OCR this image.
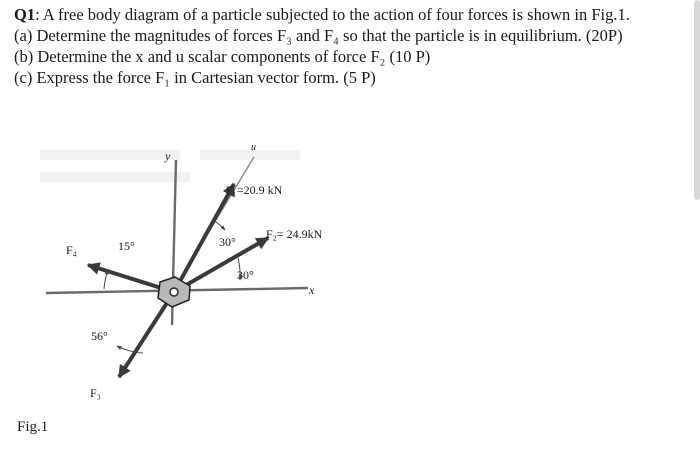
Q1: A free body diagram of a particle subjected to the action of four forces is shown in Fig.1.
(a) Determine the magnitudes of forces F₃ and F₄ so that the particle is in equilibrium. (20P)
(b) Determine the x and u scalar components of force F₂ (10 P)
(c) Express the force F₁ in Cartesian vector form. (5 P)
y
u
x
F₁=20.9 kN
F₂= 24.9kN
F₃
F₄	15°	30°
30°
56°
Fig.1
